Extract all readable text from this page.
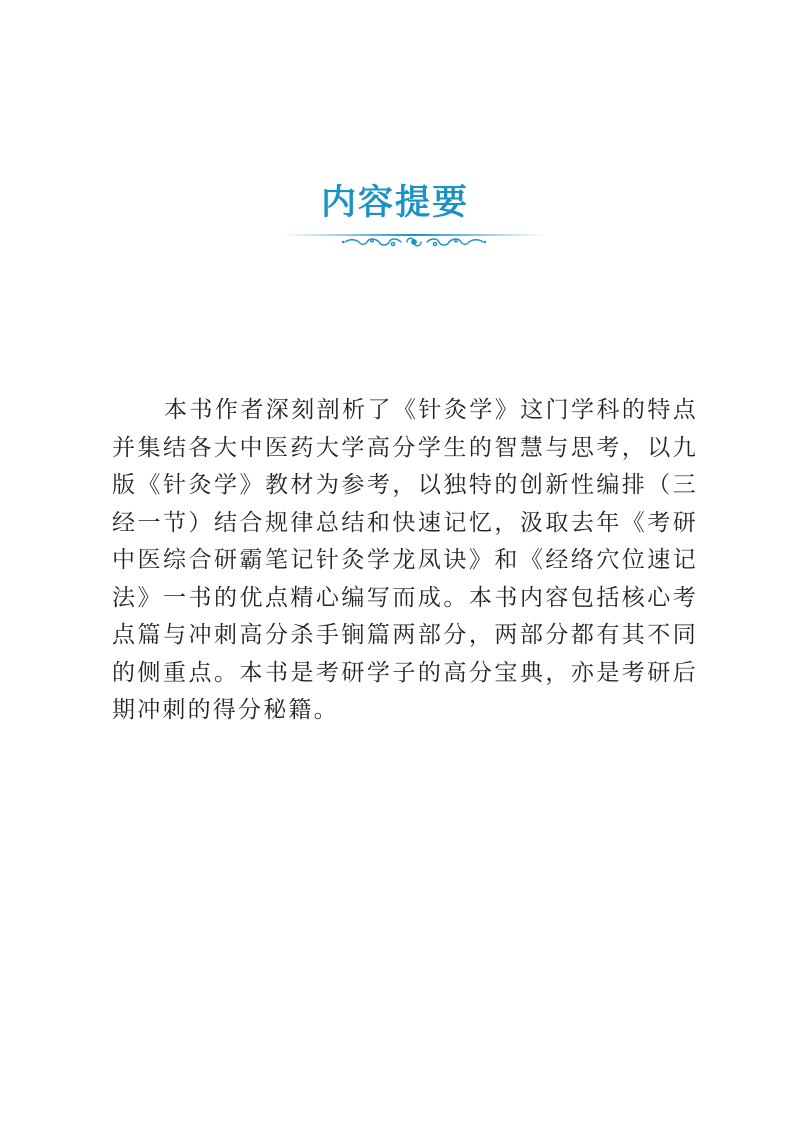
内容提要

本书作者深刻剖析了《针灸学》这门学科的特点并集结各大中医药大学高分学生的智慧与思考，以九版《针灸学》教材为参考，以独特的创新性编排（三经一节）结合规律总结和快速记忆，汲取去年《考研中医综合研霸笔记针灸学龙凤诀》和《经络穴位速记法》一书的优点精心编写而成。本书内容包括核心考点篇与冲刺高分杀手锏篇两部分，两部分都有其不同的侧重点。本书是考研学子的高分宝典，亦是考研后期冲刺的得分秘籍。
